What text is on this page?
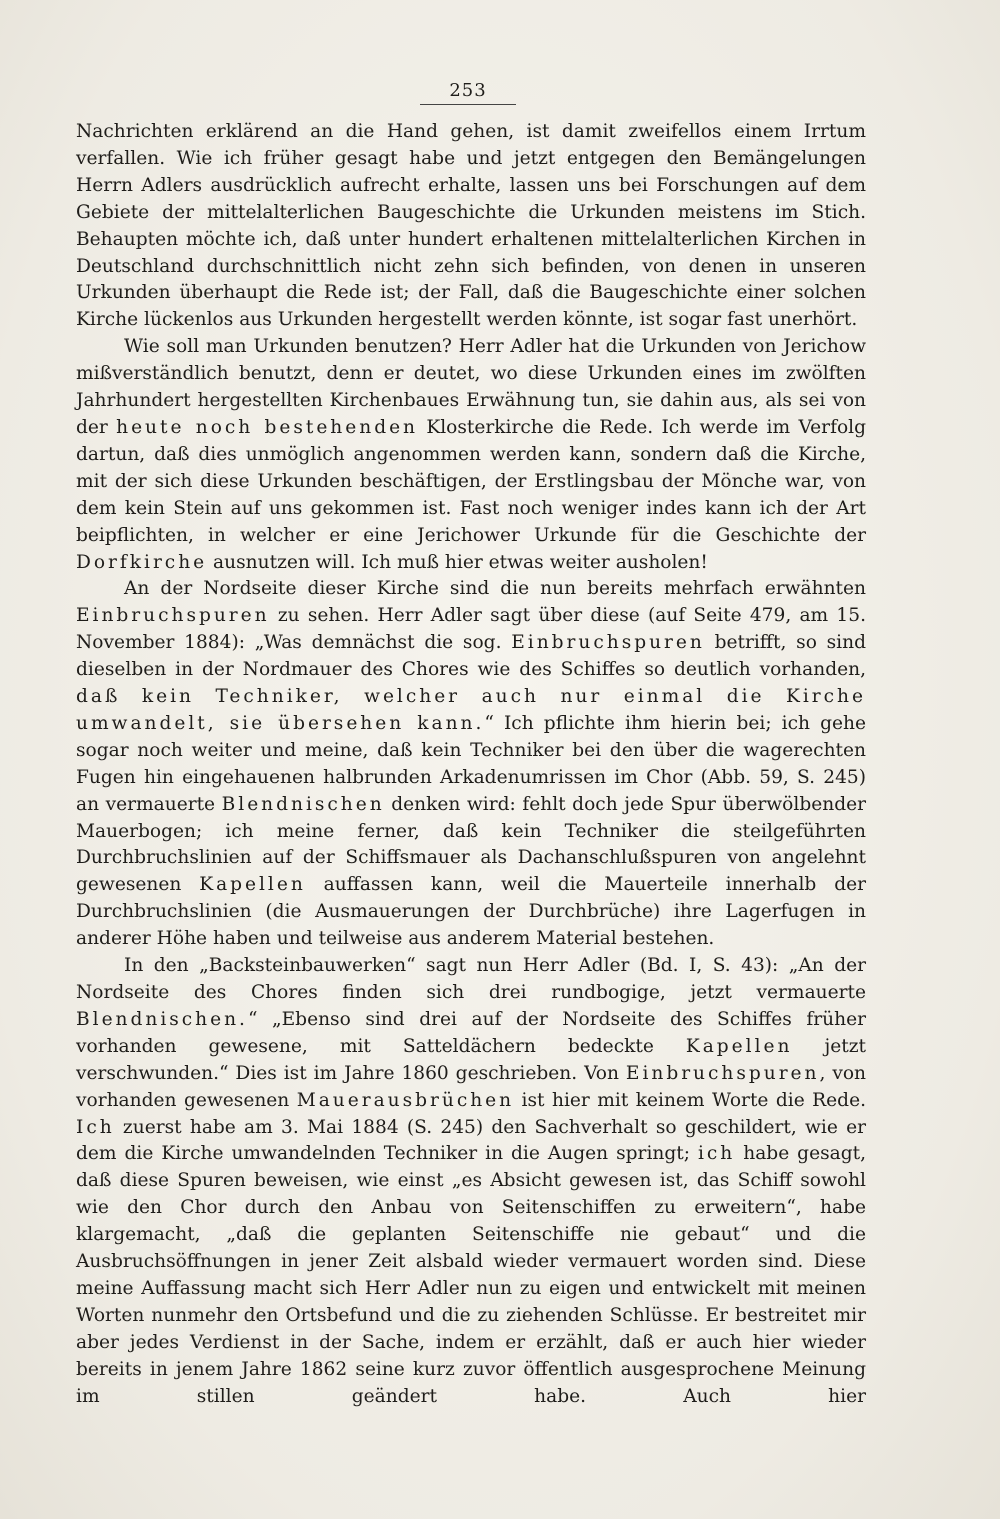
253

Nachrichten erklärend an die Hand gehen, ist damit zweifellos einem Irrtum verfallen. Wie ich früher gesagt habe und jetzt entgegen den Bemängelungen Herrn Adlers ausdrücklich aufrecht erhalte, lassen uns bei Forschungen auf dem Gebiete der mittelalterlichen Baugeschichte die Urkunden meistens im Stich. Behaupten möchte ich, daß unter hundert erhaltenen mittelalterlichen Kirchen in Deutschland durchschnittlich nicht zehn sich befinden, von denen in unseren Urkunden überhaupt die Rede ist; der Fall, daß die Baugeschichte einer solchen Kirche lückenlos aus Urkunden hergestellt werden könnte, ist sogar fast unerhört.

Wie soll man Urkunden benutzen? Herr Adler hat die Urkunden von Jerichow mißverständlich benutzt, denn er deutet, wo diese Urkunden eines im zwölften Jahrhundert hergestellten Kirchenbaues Erwähnung tun, sie dahin aus, als sei von der heute noch bestehenden Klosterkirche die Rede. Ich werde im Verfolg dartun, daß dies unmöglich angenommen werden kann, sondern daß die Kirche, mit der sich diese Urkunden beschäftigen, der Erstlingsbau der Mönche war, von dem kein Stein auf uns gekommen ist. Fast noch weniger indes kann ich der Art beipflichten, in welcher er eine Jerichower Urkunde für die Geschichte der Dorfkirche ausnutzen will. Ich muß hier etwas weiter ausholen!

An der Nordseite dieser Kirche sind die nun bereits mehrfach erwähnten Einbruchspuren zu sehen. Herr Adler sagt über diese (auf Seite 479, am 15. November 1884): „Was demnächst die sog. Einbruchspuren betrifft, so sind dieselben in der Nordmauer des Chores wie des Schiffes so deutlich vorhanden, daß kein Techniker, welcher auch nur einmal die Kirche umwandelt, sie übersehen kann.“ Ich pflichte ihm hierin bei; ich gehe sogar noch weiter und meine, daß kein Techniker bei den über die wagerechten Fugen hin eingehauenen halbrunden Arkadenumrissen im Chor (Abb. 59, S. 245) an vermauerte Blendnischen denken wird: fehlt doch jede Spur überwölbender Mauerbogen; ich meine ferner, daß kein Techniker die steilgeführten Durchbruchslinien auf der Schiffsmauer als Dachanschlußspuren von angelehnt gewesenen Kapellen auffassen kann, weil die Mauerteile innerhalb der Durchbruchslinien (die Ausmauerungen der Durchbrüche) ihre Lagerfugen in anderer Höhe haben und teilweise aus anderem Material bestehen.

In den „Backsteinbauwerken“ sagt nun Herr Adler (Bd. I, S. 43): „An der Nordseite des Chores finden sich drei rundbogige, jetzt vermauerte Blendnischen.“ „Ebenso sind drei auf der Nordseite des Schiffes früher vorhanden gewesene, mit Satteldächern bedeckte Kapellen jetzt verschwunden.“ Dies ist im Jahre 1860 geschrieben. Von Einbruchspuren, von vorhanden gewesenen Mauerausbrüchen ist hier mit keinem Worte die Rede. Ich zuerst habe am 3. Mai 1884 (S. 245) den Sachverhalt so geschildert, wie er dem die Kirche umwandelnden Techniker in die Augen springt; ich habe gesagt, daß diese Spuren beweisen, wie einst „es Absicht gewesen ist, das Schiff sowohl wie den Chor durch den Anbau von Seitenschiffen zu erweitern“, habe klargemacht, „daß die geplanten Seitenschiffe nie gebaut“ und die Ausbruchsöffnungen in jener Zeit alsbald wieder vermauert worden sind. Diese meine Auffassung macht sich Herr Adler nun zu eigen und entwickelt mit meinen Worten nunmehr den Ortsbefund und die zu ziehenden Schlüsse. Er bestreitet mir aber jedes Verdienst in der Sache, indem er erzählt, daß er auch hier wieder bereits in jenem Jahre 1862 seine kurz zuvor öffentlich ausgesprochene Meinung im stillen geändert habe. Auch hier
